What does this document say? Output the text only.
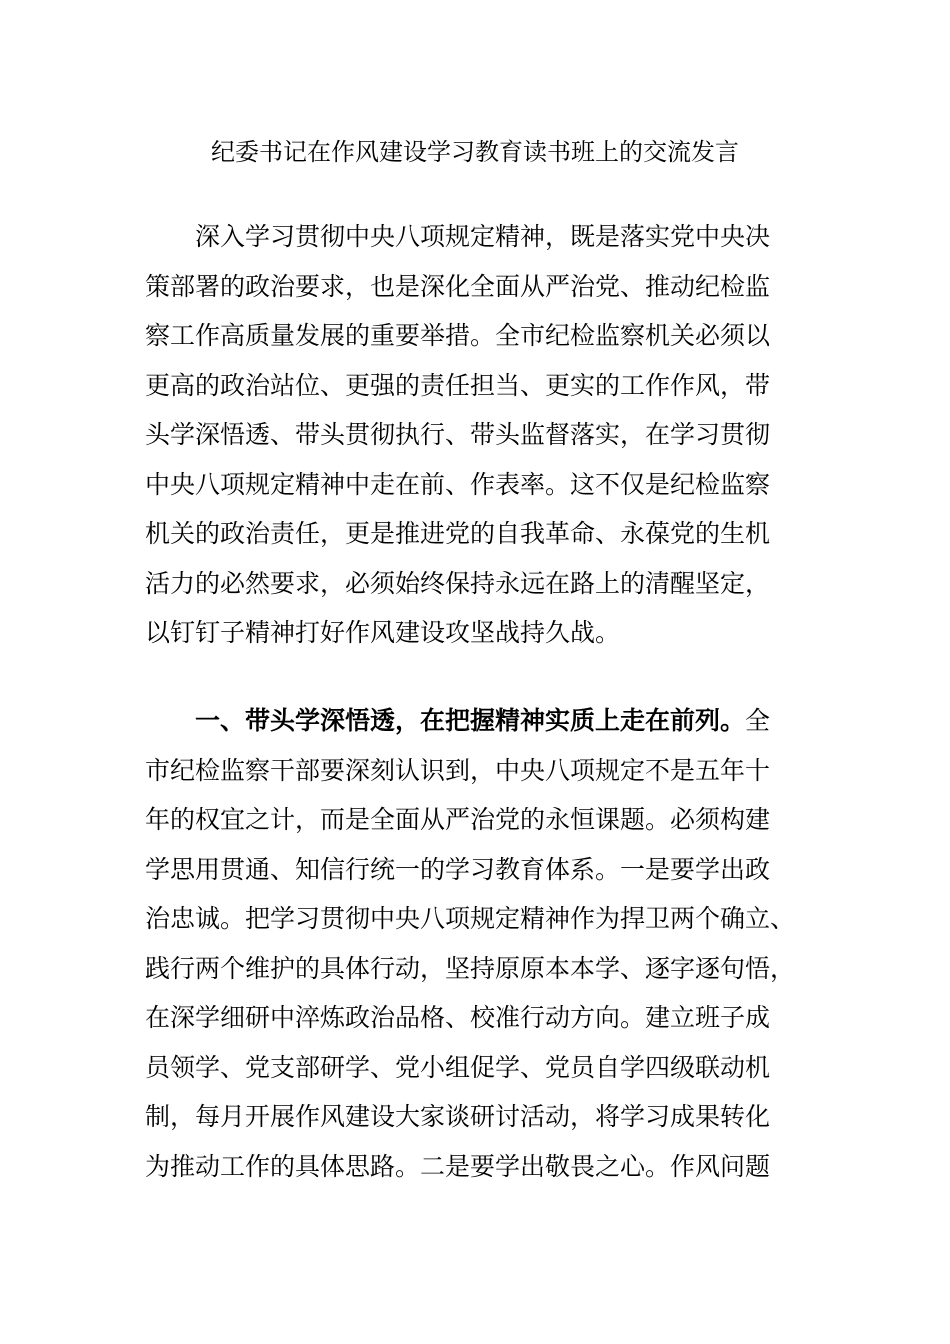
纪委书记在作风建设学习教育读书班上的交流发言
深入学习贯彻中央八项规定精神，既是落实党中央决
策部署的政治要求，也是深化全面从严治党、推动纪检监
察工作高质量发展的重要举措。全市纪检监察机关必须以
更高的政治站位、更强的责任担当、更实的工作作风，带
头学深悟透、带头贯彻执行、带头监督落实，在学习贯彻
中央八项规定精神中走在前、作表率。这不仅是纪检监察
机关的政治责任，更是推进党的自我革命、永葆党的生机
活力的必然要求，必须始终保持永远在路上的清醒坚定，
以钉钉子精神打好作风建设攻坚战持久战。
一、带头学深悟透，在把握精神实质上走在前列。全
市纪检监察干部要深刻认识到，中央八项规定不是五年十
年的权宜之计，而是全面从严治党的永恒课题。必须构建
学思用贯通、知信行统一的学习教育体系。一是要学出政
治忠诚。把学习贯彻中央八项规定精神作为捍卫两个确立、
践行两个维护的具体行动，坚持原原本本学、逐字逐句悟，
在深学细研中淬炼政治品格、校准行动方向。建立班子成
员领学、党支部研学、党小组促学、党员自学四级联动机
制，每月开展作风建设大家谈研讨活动，将学习成果转化
为推动工作的具体思路。二是要学出敬畏之心。作风问题
